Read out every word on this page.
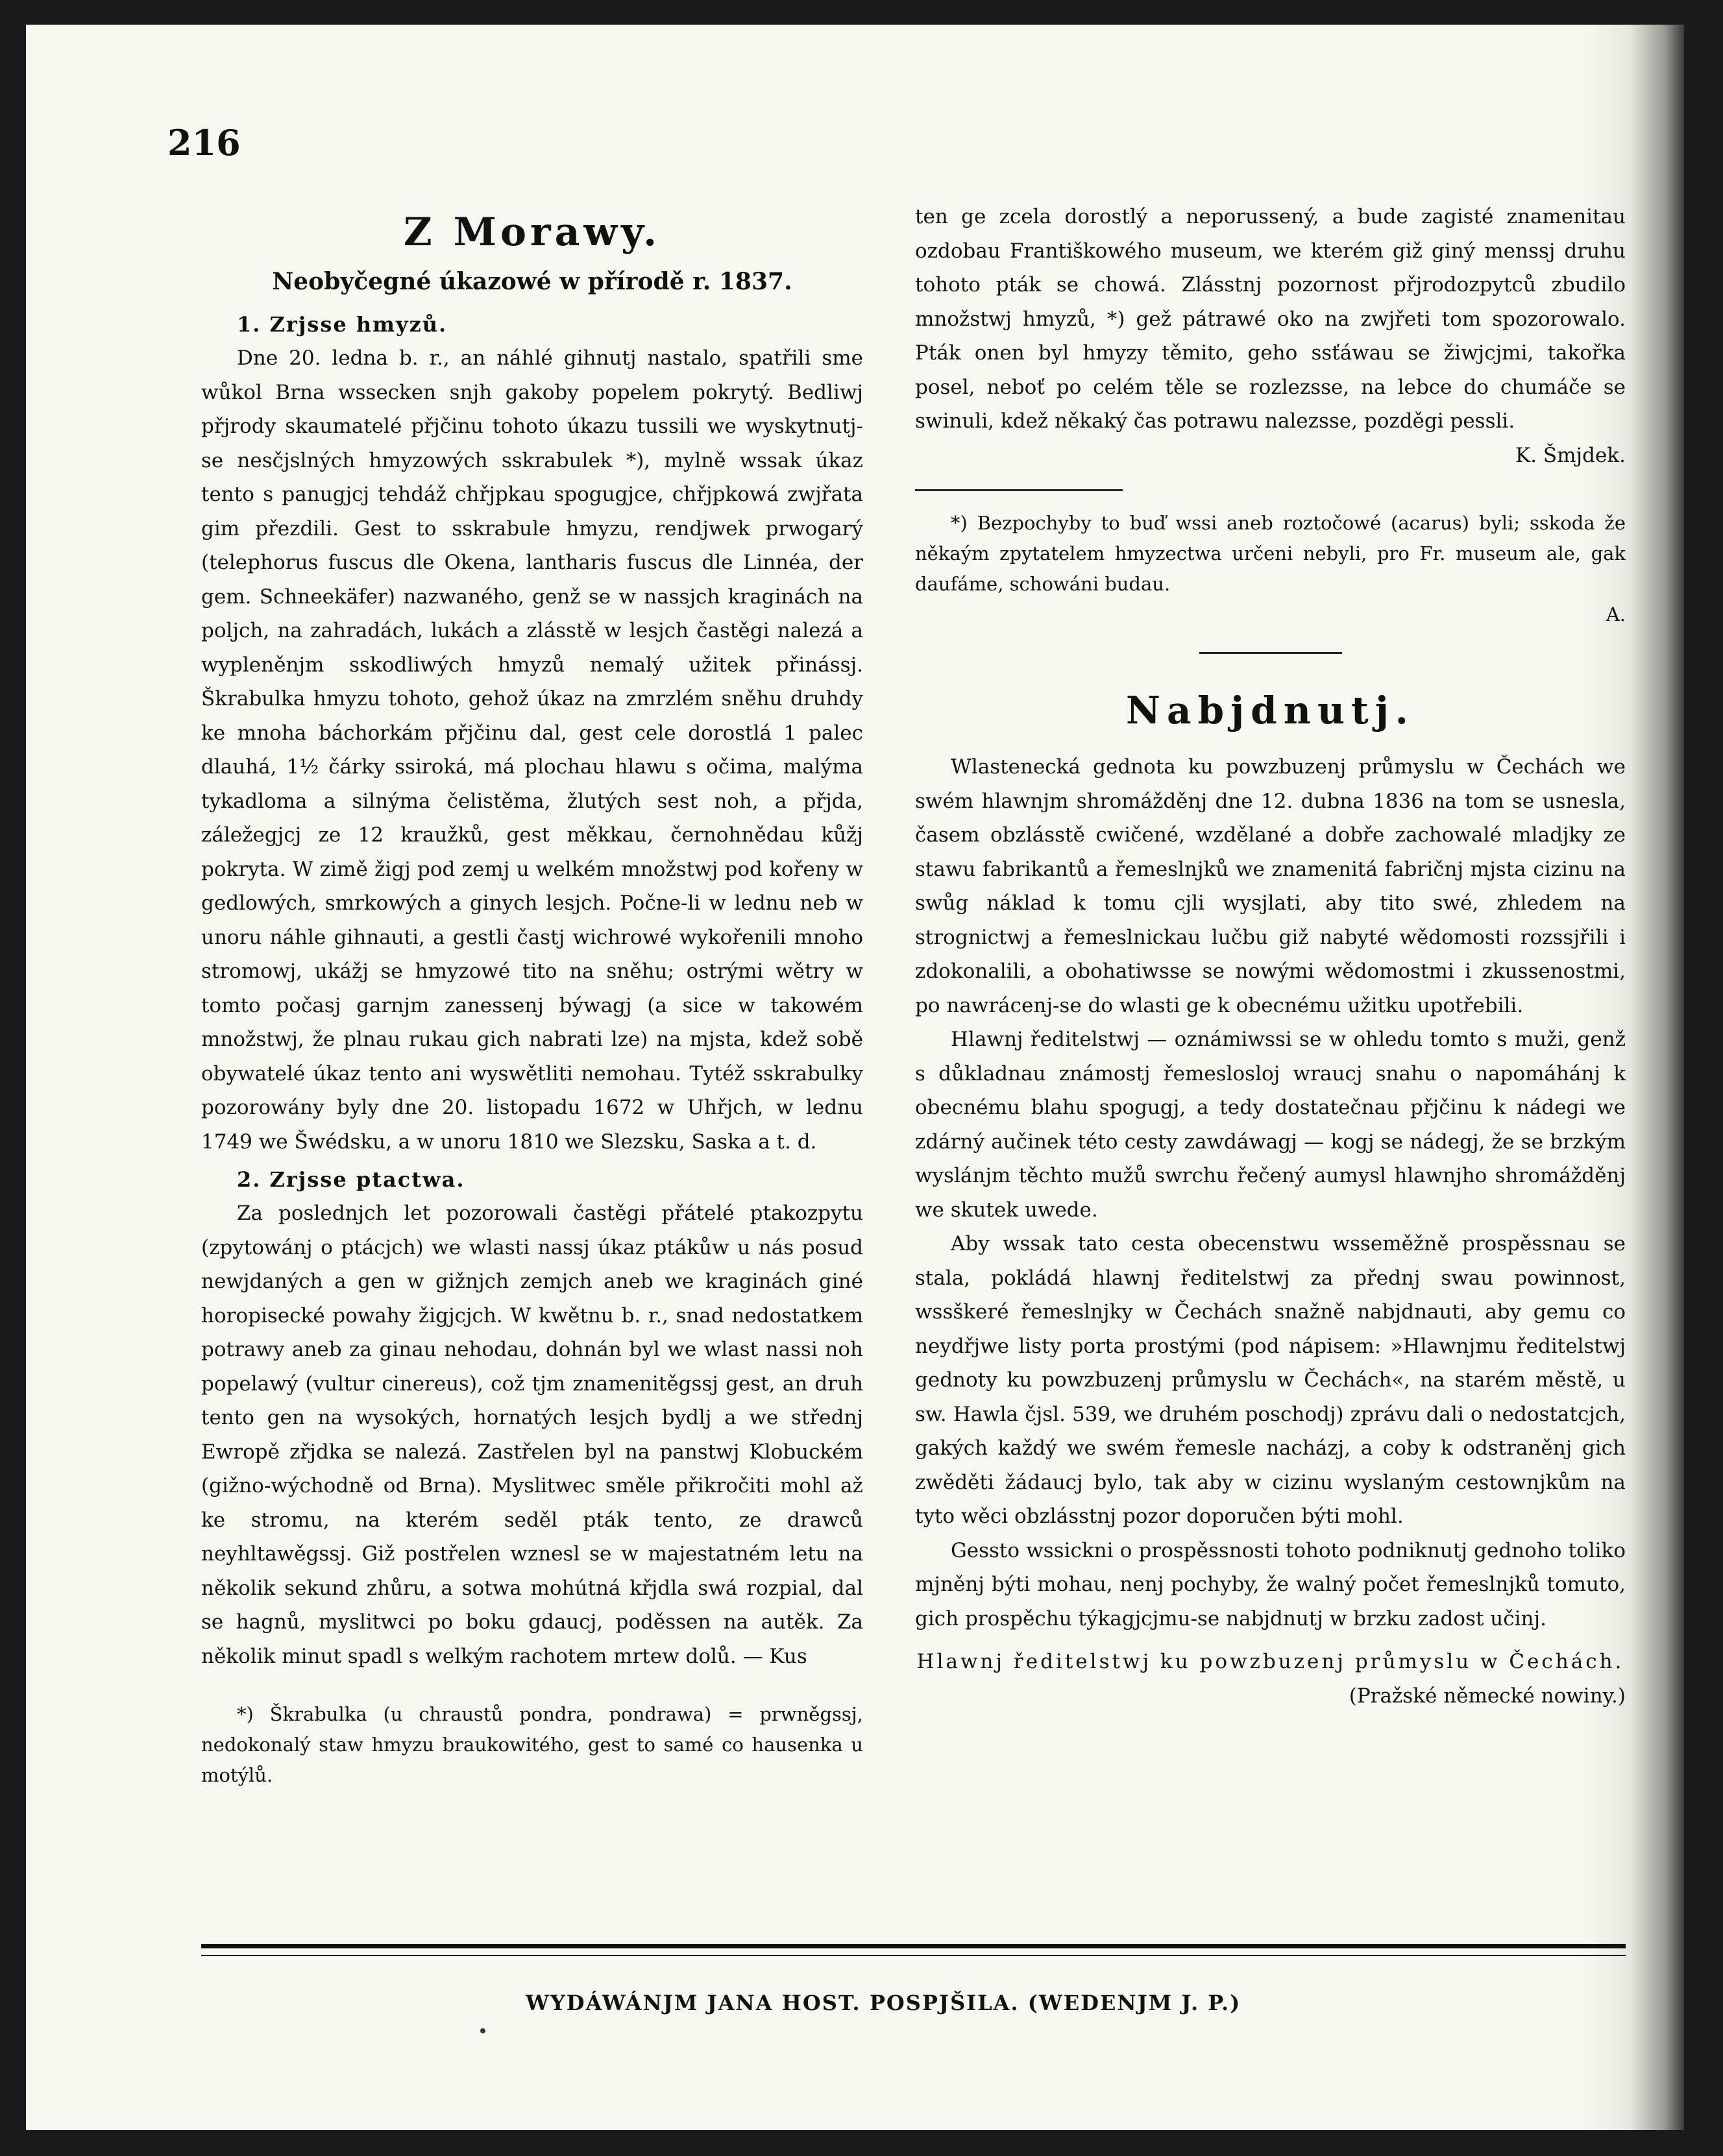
216
Z Morawy.
Neobyčegné úkazowé w přírodě r. 1837.
1. Zrjsse hmyzů.

Dne 20. ledna b. r., an náhlé gihnutj nastalo, spatřili sme wůkol Brna wssecken snjh gakoby popelem pokrytý. Bedliwj přjrody skaumatelé přjčinu tohoto úkazu tussili we wyskytnutj-se nesčjslných hmyzowých sskrabulek *), mylně wssak úkaz tento s panugjcj tehdáž chřjpkau spogugjce, chřjpkowá zwjřata gim přezdili. Gest to sskrabule hmyzu, rendjwek prwogarý (telephorus fuscus dle Okena, lantharis fuscus dle Linnéa, der gem. Schneekäfer) nazwaného, genž se w nassjch kraginách na poljch, na zahradách, lukách a zlásstě w lesjch častěgi nalezá a wypleněnjm sskodliwých hmyzů nemalý užitek přinássj. Škrabulka hmyzu tohoto, gehož úkaz na zmrzlém sněhu druhdy ke mnoha báchorkám přjčinu dal, gest cele dorostlá 1 palec dlauhá, 1½ čárky ssiroká, má plochau hlawu s očima, malýma tykadloma a silnýma čelistěma, žlutých sest noh, a přjda, záležegjcj ze 12 kraužků, gest měkkau, černohnědau kůžj pokryta. W zimě žigj pod zemj u welkém množstwj pod kořeny w gedlowých, smrkowých a ginych lesjch. Počne-li w lednu neb w unoru náhle gihnauti, a gestli častj wichrowé wykořenili mnoho stromowj, ukážj se hmyzowé tito na sněhu; ostrými wětry w tomto počasj garnjm zanessenj býwagj (a sice w takowém množstwj, že plnau rukau gich nabrati lze) na mjsta, kdež sobě obywatelé úkaz tento ani wyswětliti nemohau. Tytéž sskrabulky pozorowány byly dne 20. listopadu 1672 w Uhřjch, w lednu 1749 we Šwédsku, a w unoru 1810 we Slezsku, Saska a t. d.

2. Zrjsse ptactwa.

Za poslednjch let pozorowali častěgi přátelé ptakozpytu (zpytowánj o ptácjch) we wlasti nassj úkaz ptákůw u nás posud newjdaných a gen w gižnjch zemjch aneb we kraginách giné horopisecké powahy žigjcjch. W kwětnu b. r., snad nedostatkem potrawy aneb za ginau nehodau, dohnán byl we wlast nassi noh popelawý (vultur cinereus), což tjm znamenitěgssj gest, an druh tento gen na wysokých, hornatých lesjch bydlj a we střednj Ewropě zřjdka se nalezá. Zastřelen byl na panstwj Klobuckém (gižno-wýchodně od Brna). Myslitwec směle přikročiti mohl až ke stromu, na kterém seděl pták tento, ze drawců neyhltawěgssj. Giž postřelen wznesl se w majestatném letu na několik sekund zhůru, a sotwa mohútná křjdla swá rozpial, dal se hagnů, myslitwci po boku gdaucj, poděssen na autěk. Za několik minut spadl s welkým rachotem mrtew dolů. — Kus

*) Škrabulka (u chraustů pondra, pondrawa) = prwněgssj, nedokonalý staw hmyzu braukowitého, gest to samé co hausenka u motýlů.

ten ge zcela dorostlý a neporussený, a bude zagisté znamenitau ozdobau Františkowého museum, we kterém giž giný menssj druhu tohoto pták se chowá. Zlásstnj pozornost přjrodozpytců zbudilo množstwj hmyzů, *) gež pátrawé oko na zwjřeti tom spozorowalo. Pták onen byl hmyzy těmito, geho ssťáwau se žiwjcjmi, takořka posel, neboť po celém těle se rozlezsse, na lebce do chumáče se swinuli, kdež někaký čas potrawu nalezsse, pozděgi pessli.

K. Šmjdek.

*) Bezpochyby to buď wssi aneb roztočowé (acarus) byli; sskoda že někaým zpytatelem hmyzectwa určeni nebyli, pro Fr. museum ale, gak daufáme, schowáni budau.

A.
Nabjdnutj.

Wlastenecká gednota ku powzbuzenj průmyslu w Čechách we swém hlawnjm shromážděnj dne 12. dubna 1836 na tom se usnesla, časem obzlásstě cwičené, wzdělané a dobře zachowalé mladjky ze stawu fabrikantů a řemeslnjků we znamenitá fabričnj mjsta cizinu na swůg náklad k tomu cjli wysjlati, aby tito swé, zhledem na strognictwj a řemeslnickau lučbu giž nabyté wědomosti rozssjřili i zdokonalili, a obohatiwsse se nowými wědomostmi i zkussenostmi, po nawrácenj-se do wlasti ge k obecnému užitku upotřebili.

Hlawnj ředitelstwj — oznámiwssi se w ohledu tomto s muži, genž s důkladnau známostj řemeslosloj wraucj snahu o napomáhánj k obecnému blahu spogugj, a tedy dostatečnau přjčinu k nádegi we zdárný aučinek této cesty zawdáwagj — kogj se nádegj, že se brzkým wyslánjm těchto mužů swrchu řečený aumysl hlawnjho shromážděnj we skutek uwede.

Aby wssak tato cesta obecenstwu wsseměžně prospěssnau se stala, pokládá hlawnj ředitelstwj za přednj swau powinnost, wssškeré řemeslnjky w Čechách snažně nabjdnauti, aby gemu co neydřjwe listy porta prostými (pod nápisem: »Hlawnjmu ředitelstwj gednoty ku powzbuzenj průmyslu w Čechách«, na starém městě, u sw. Hawla čjsl. 539, we druhém poschodj) zprávu dali o nedostatcjch, gakých každý we swém řemesle nacházj, a coby k odstraněnj gich zwěděti žádaucj bylo, tak aby w cizinu wyslaným cestownjkům na tyto wěci obzlásstnj pozor doporučen býti mohl.

Gessto wssickni o prospěssnosti tohoto podniknutj gednoho toliko mjněnj býti mohau, nenj pochyby, že walný počet řemeslnjků tomuto, gich prospěchu týkagjcjmu-se nabjdnutj w brzku zadost učinj.

Hlawnj ředitelstwj ku powzbuzenj průmyslu w Čechách.

(Pražské německé nowiny.)
WYDÁWÁNJM JANA HOST. POSPJŠILA. (WEDENJM J. P.)
